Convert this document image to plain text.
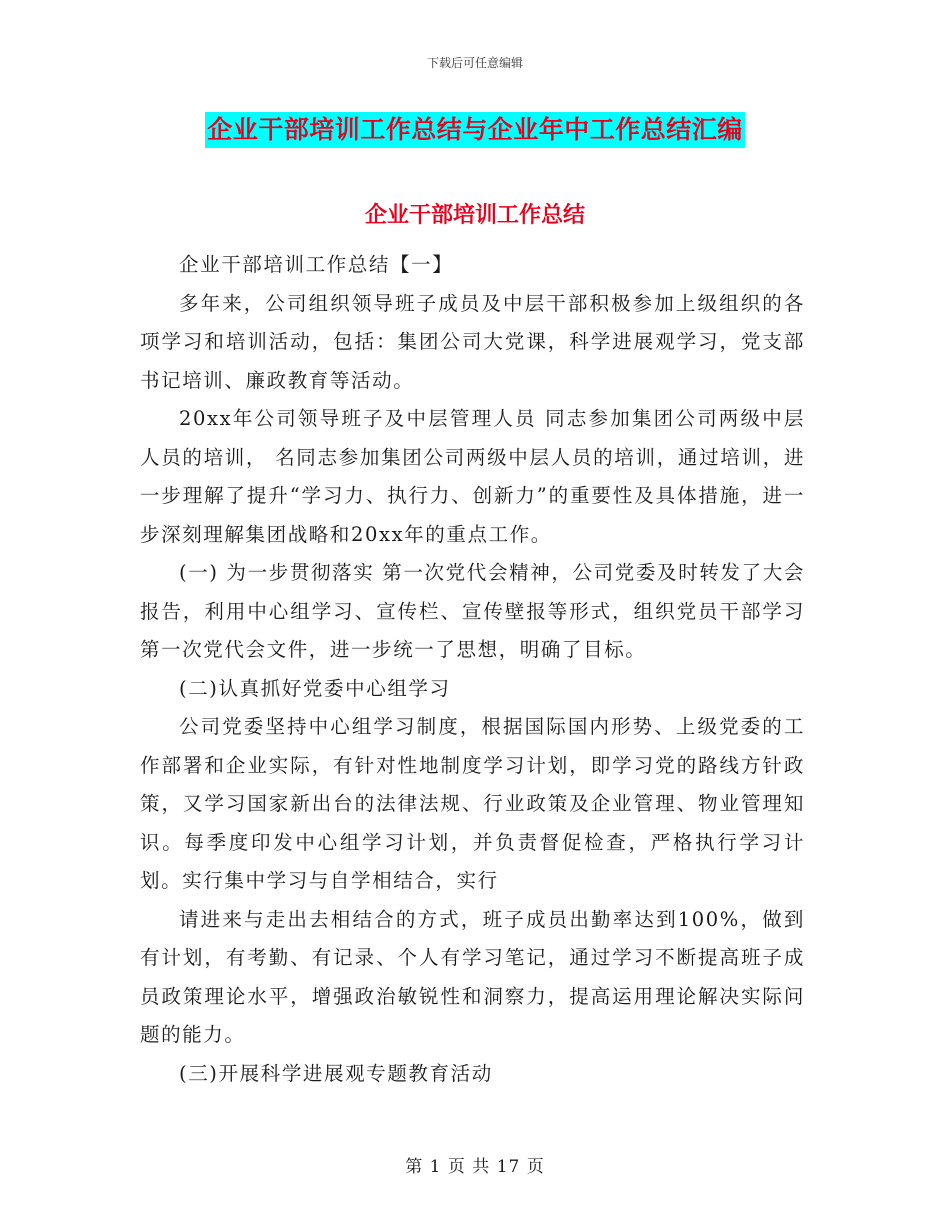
下载后可任意编辑
企业干部培训工作总结与企业年中工作总结汇编
企业干部培训工作总结

企业干部培训工作总结【一】

多年来，公司组织领导班子成员及中层干部积极参加上级组织的各项学习和培训活动，包括：集团公司大党课，科学进展观学习，党支部书记培训、廉政教育等活动。

20xx年公司领导班子及中层管理人员 同志参加集团公司两级中层人员的培训， 名同志参加集团公司两级中层人员的培训，通过培训，进一步理解了提升“学习力、执行力、创新力”的重要性及具体措施，进一步深刻理解集团战略和20xx年的重点工作。

(一) 为一步贯彻落实 第一次党代会精神，公司党委及时转发了大会报告，利用中心组学习、宣传栏、宣传壁报等形式，组织党员干部学习 第一次党代会文件，进一步统一了思想，明确了目标。

(二)认真抓好党委中心组学习

公司党委坚持中心组学习制度，根据国际国内形势、上级党委的工作部署和企业实际，有针对性地制度学习计划，即学习党的路线方针政策，又学习国家新出台的法律法规、行业政策及企业管理、物业管理知识。每季度印发中心组学习计划，并负责督促检查，严格执行学习计划。实行集中学习与自学相结合，实行

请进来与走出去相结合的方式，班子成员出勤率达到100%，做到有计划，有考勤、有记录、个人有学习笔记，通过学习不断提高班子成员政策理论水平，增强政治敏锐性和洞察力，提高运用理论解决实际问题的能力。

(三)开展科学进展观专题教育活动

第 1 页 共 17 页
